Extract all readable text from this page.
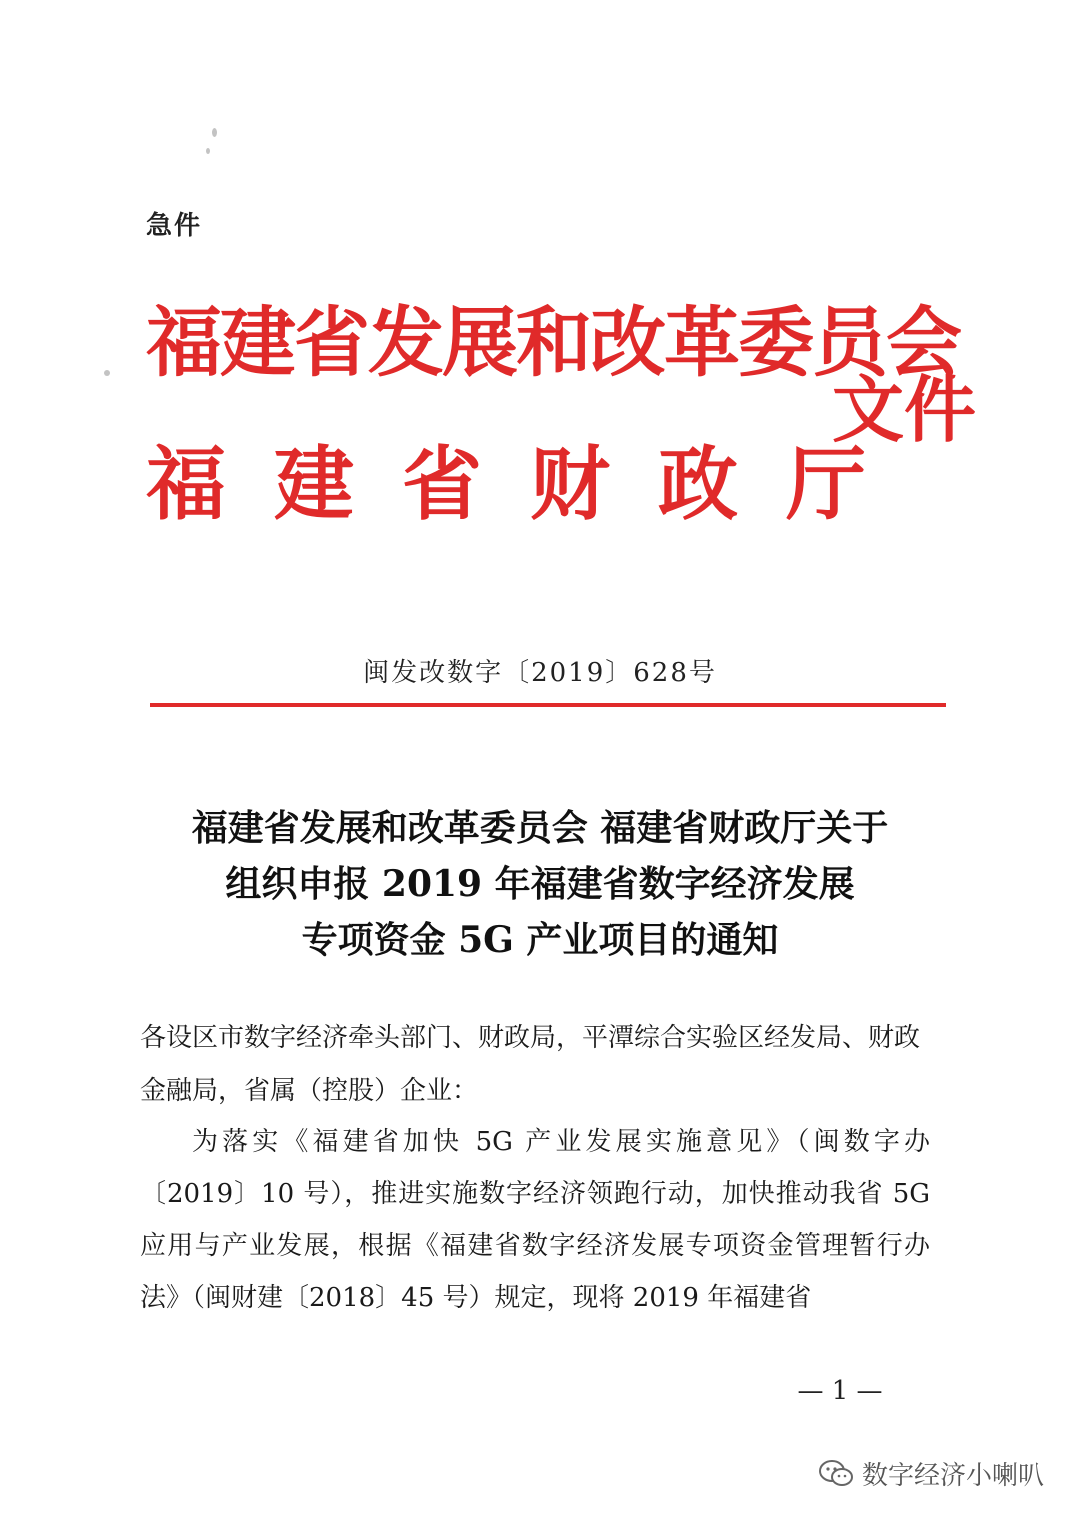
急件
福建省发展和改革委员会
福建省财政厅
文件
闽发改数字〔2019〕628号
福建省发展和改革委员会 福建省财政厅关于
组织申报 2019 年福建省数字经济发展
专项资金 5G 产业项目的通知
各设区市数字经济牵头部门、财政局，平潭综合实验区经发局、财政金融局，省属（控股）企业：
为落实《福建省加快 5G 产业发展实施意见》（闽数字办〔2019〕10 号），推进实施数字经济领跑行动，加快推动我省 5G 应用与产业发展，根据《福建省数字经济发展专项资金管理暂行办法》（闽财建〔2018〕45 号）规定，现将 2019 年福建省
— 1 —
数字经济小喇叭
